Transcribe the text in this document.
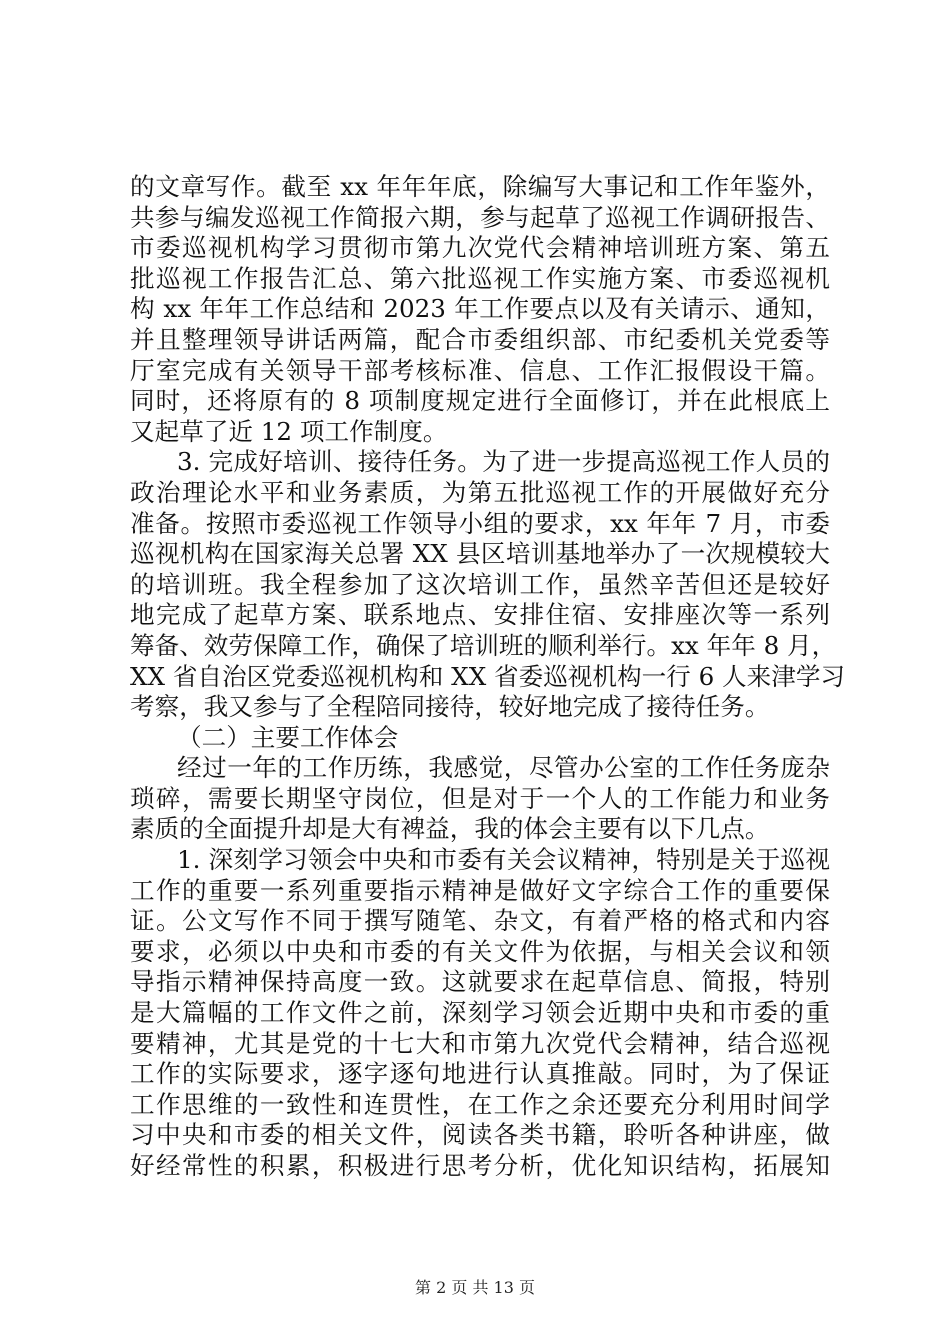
的文章写作。截至 xx 年年年底，除编写大事记和工作年鉴外，
共参与编发巡视工作简报六期，参与起草了巡视工作调研报告、
市委巡视机构学习贯彻市第九次党代会精神培训班方案、第五
批巡视工作报告汇总、第六批巡视工作实施方案、市委巡视机
构 xx 年年工作总结和 2023 年工作要点以及有关请示、通知，
并且整理领导讲话两篇，配合市委组织部、市纪委机关党委等
厅室完成有关领导干部考核标准、信息、工作汇报假设干篇。
同时，还将原有的 8 项制度规定进行全面修订，并在此根底上
又起草了近 12 项工作制度。
3. 完成好培训、接待任务。为了进一步提高巡视工作人员的
政治理论水平和业务素质，为第五批巡视工作的开展做好充分
准备。按照市委巡视工作领导小组的要求，xx 年年 7 月，市委
巡视机构在国家海关总署 XX 县区培训基地举办了一次规模较大
的培训班。我全程参加了这次培训工作，虽然辛苦但还是较好
地完成了起草方案、联系地点、安排住宿、安排座次等一系列
筹备、效劳保障工作，确保了培训班的顺利举行。xx 年年 8 月，
XX 省自治区党委巡视机构和 XX 省委巡视机构一行 6 人来津学习
考察，我又参与了全程陪同接待，较好地完成了接待任务。
（二）主要工作体会
经过一年的工作历练，我感觉，尽管办公室的工作任务庞杂
琐碎，需要长期坚守岗位，但是对于一个人的工作能力和业务
素质的全面提升却是大有裨益，我的体会主要有以下几点。
1. 深刻学习领会中央和市委有关会议精神，特别是关于巡视
工作的重要一系列重要指示精神是做好文字综合工作的重要保
证。公文写作不同于撰写随笔、杂文，有着严格的格式和内容
要求，必须以中央和市委的有关文件为依据，与相关会议和领
导指示精神保持高度一致。这就要求在起草信息、简报，特别
是大篇幅的工作文件之前，深刻学习领会近期中央和市委的重
要精神，尤其是党的十七大和市第九次党代会精神，结合巡视
工作的实际要求，逐字逐句地进行认真推敲。同时，为了保证
工作思维的一致性和连贯性，在工作之余还要充分利用时间学
习中央和市委的相关文件，阅读各类书籍，聆听各种讲座，做
好经常性的积累，积极进行思考分析，优化知识结构，拓展知
第 2 页 共 13 页
